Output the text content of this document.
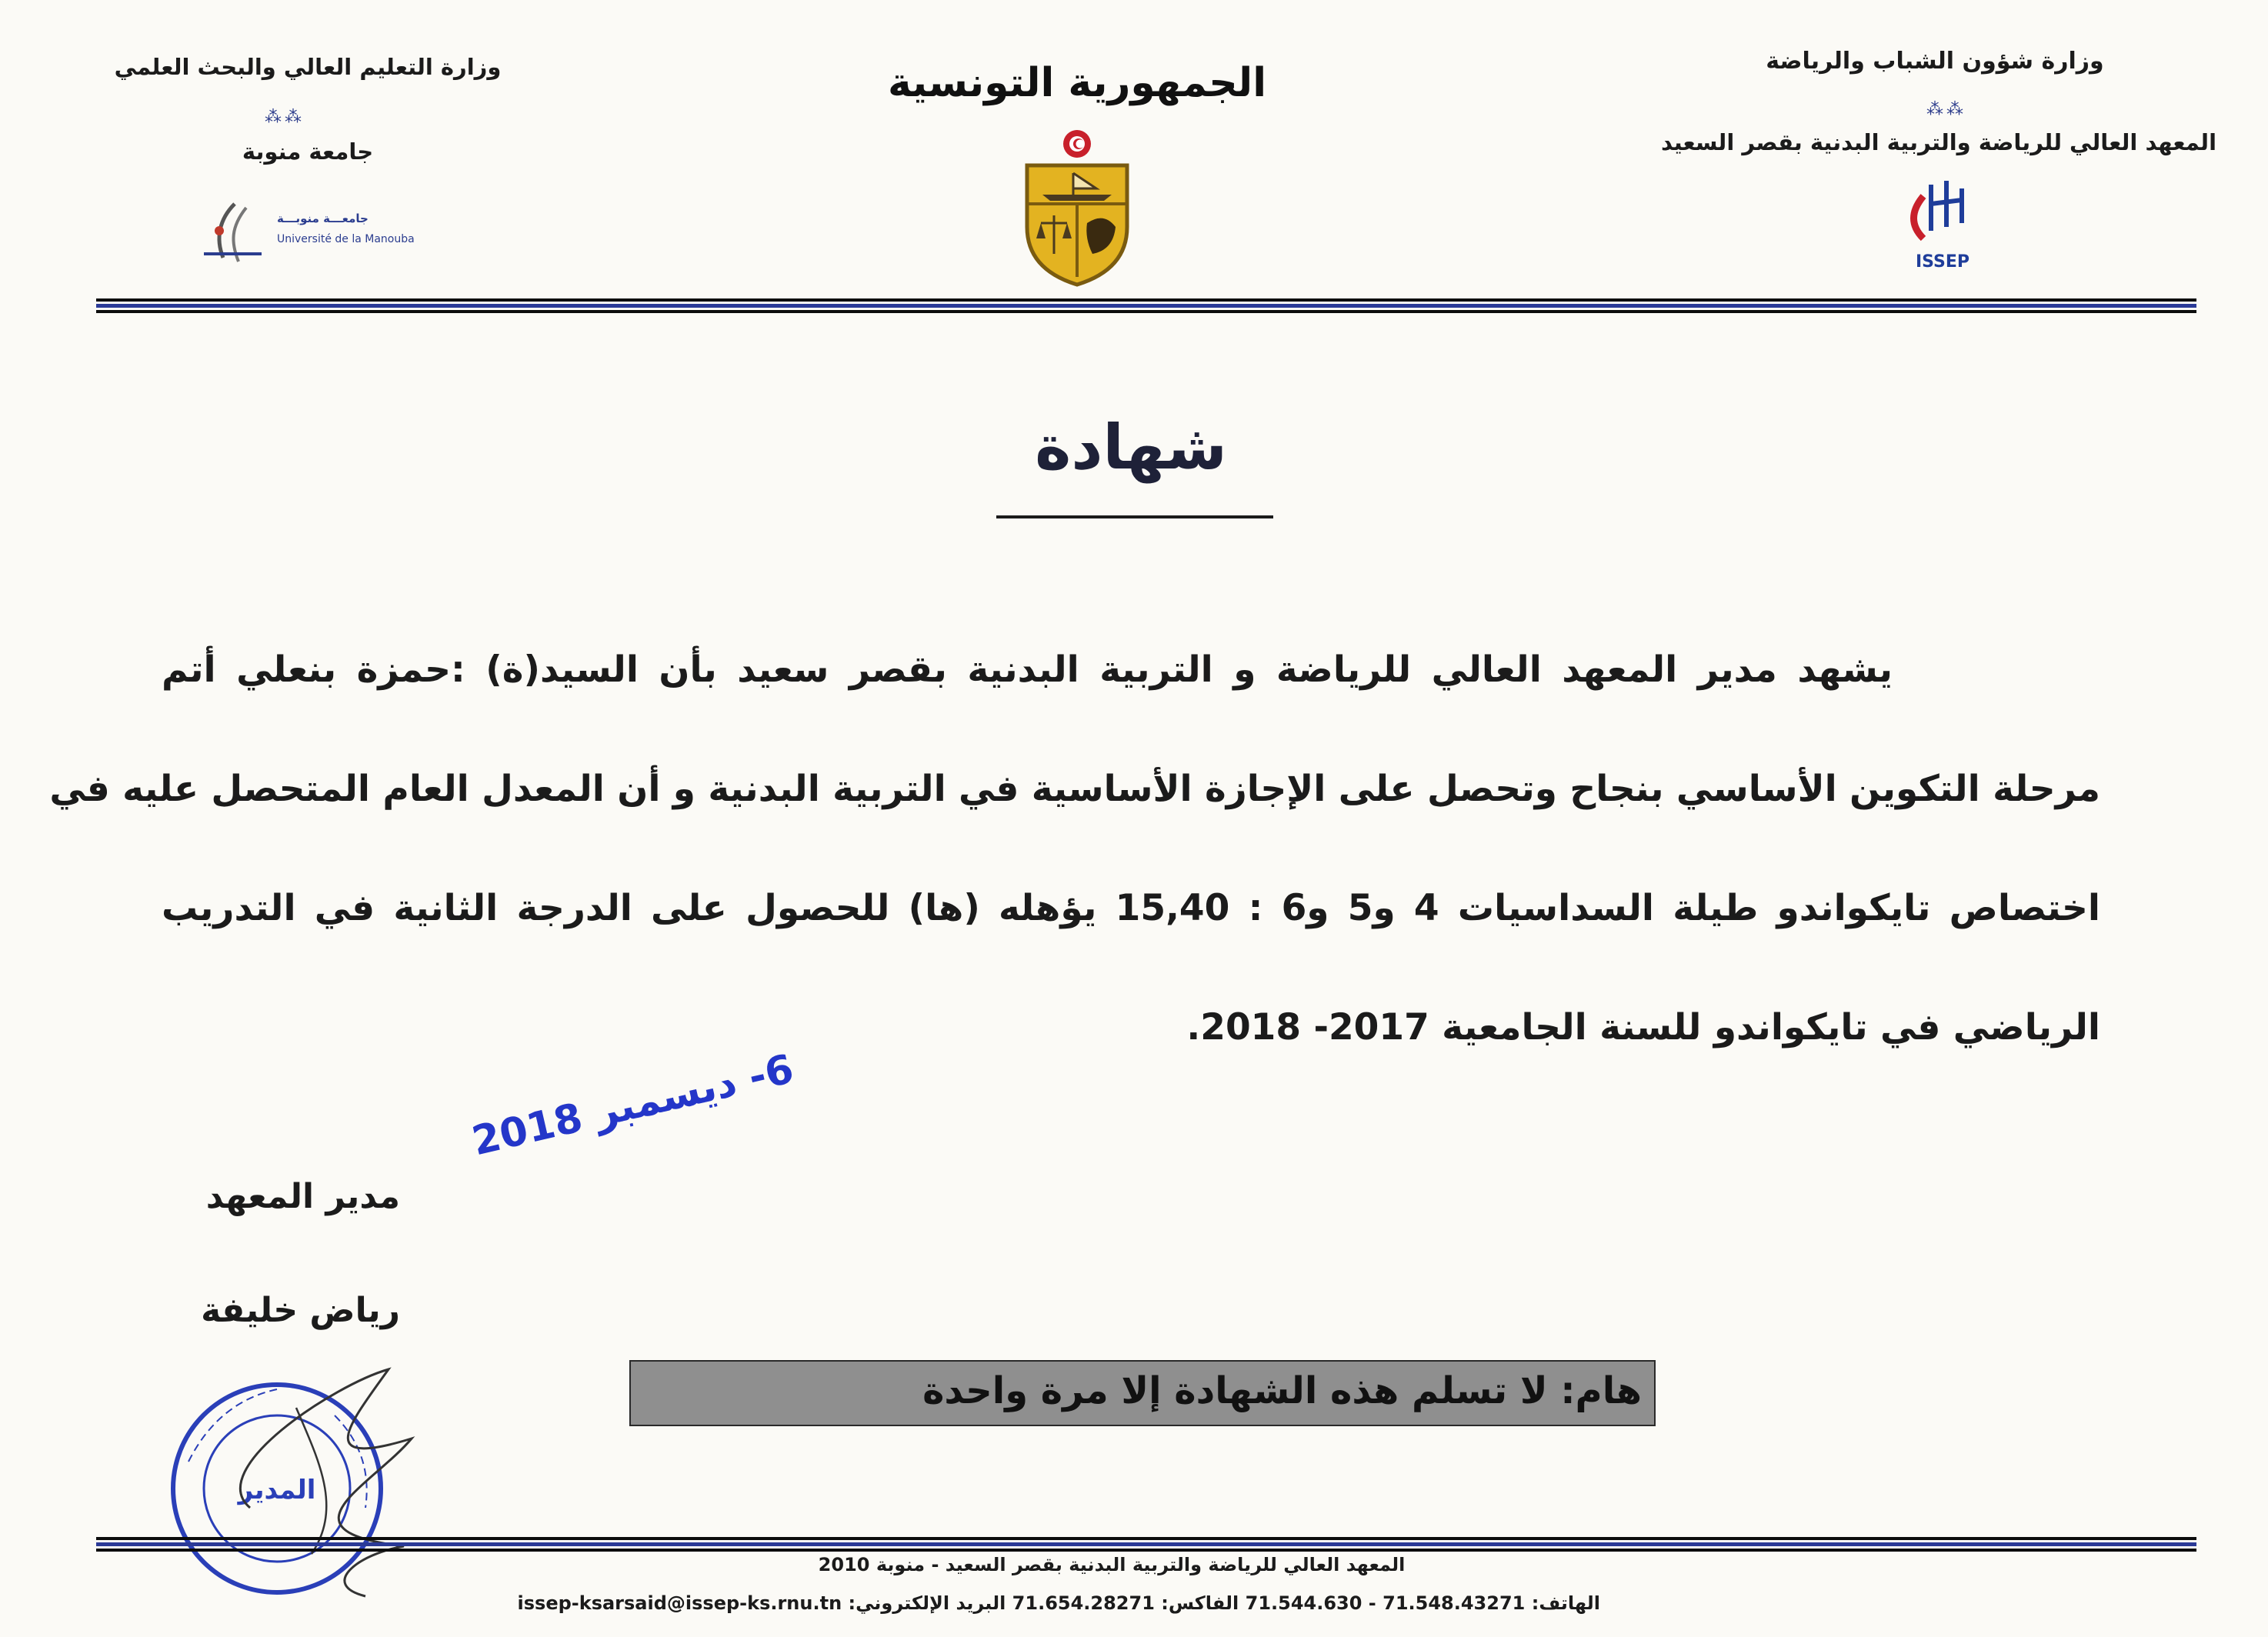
وزارة التعليم العالي والبحث العلمي
⁂⁂
جامعة منوبة
جامعـــة منوبـــة
Université de la Manouba
الجمهورية التونسية	وزارة شؤون الشباب والرياضة
⁂⁂
المعهد العالي للرياضة والتربية البدنية بقصر السعيد
ISSEP
شهادة
يشهد مدير المعهد العالي للرياضة و التربية البدنية بقصر سعيد بأن السيد(ة) :حمزة بنعلي أتم
مرحلة التكوين الأساسي بنجاح وتحصل على الإجازة الأساسية في التربية البدنية و أن المعدل العام المتحصل عليه في
اختصاص تايكواندو طيلة السداسيات 4 و5 و6 : 15,40 يؤهله (ها) للحصول على الدرجة الثانية في التدريب
الرياضي في تايكواندو للسنة الجامعية 2017- 2018.
6- ديسمبر 2018
مدير المعهد
رياض خليفة
المدير
هام: لا تسلم هذه الشهادة إلا مرة واحدة
المعهد العالي للرياضة والتربية البدنية بقصر السعيد - منوبة 2010
الهاتف: 71.548.43271 - 71.544.630 الفاكس: 71.654.28271 البريد الإلكتروني: issep-ksarsaid@issep-ks.rnu.tn
